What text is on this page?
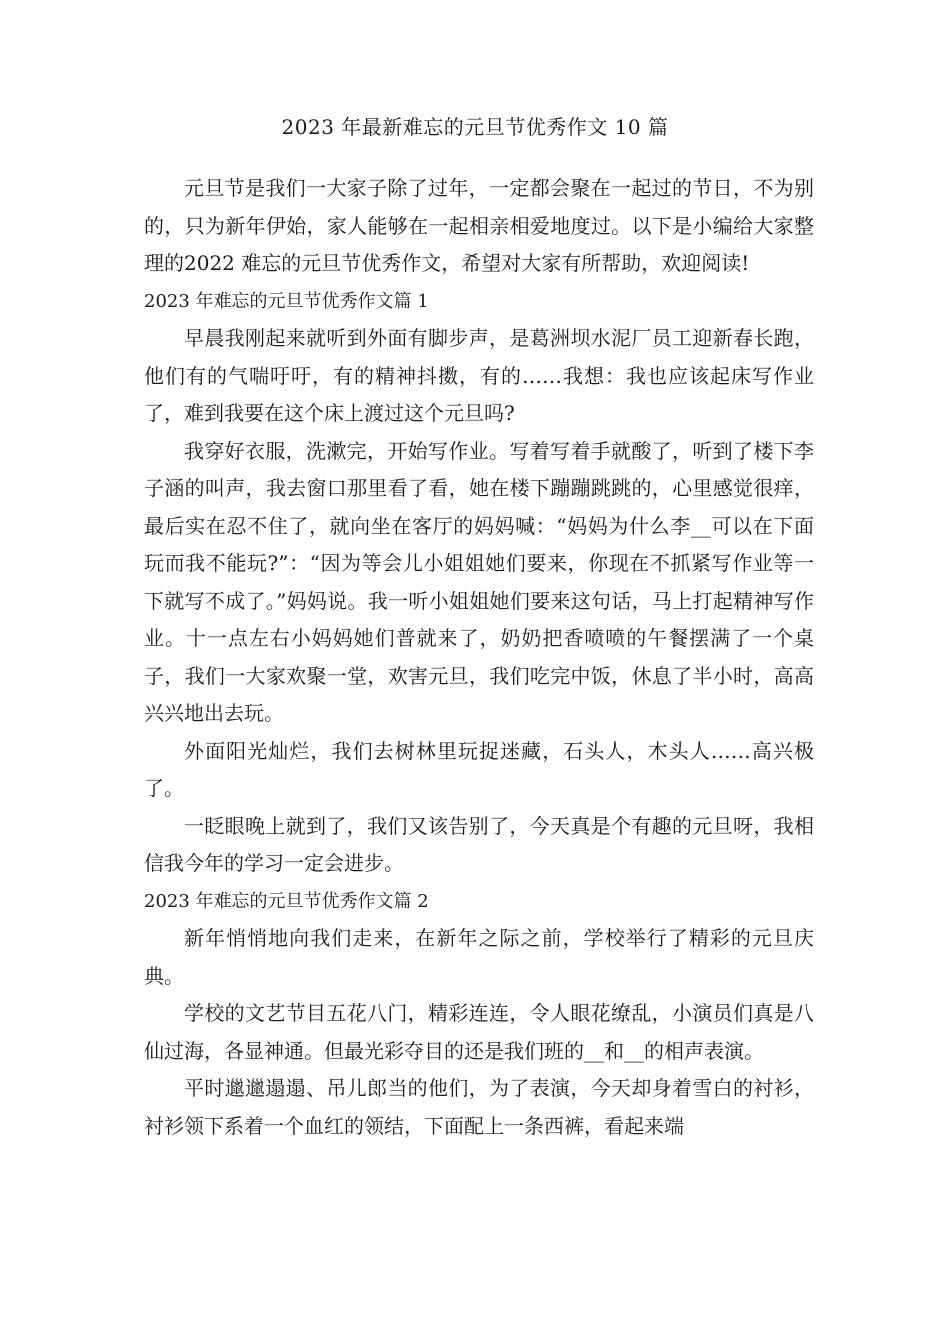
2023 年最新难忘的元旦节优秀作文 10 篇
元旦节是我们一大家子除了过年，一定都会聚在一起过的节日，不为别的，只为新年伊始，家人能够在一起相亲相爱地度过。以下是小编给大家整理的2022 难忘的元旦节优秀作文，希望对大家有所帮助，欢迎阅读!
2023 年难忘的元旦节优秀作文篇 1
早晨我刚起来就听到外面有脚步声，是葛洲坝水泥厂员工迎新春长跑，他们有的气喘吁吁，有的精神抖擞，有的……我想：我也应该起床写作业了，难到我要在这个床上渡过这个元旦吗?
我穿好衣服，洗漱完，开始写作业。写着写着手就酸了，听到了楼下李子涵的叫声，我去窗口那里看了看，她在楼下蹦蹦跳跳的，心里感觉很痒，最后实在忍不住了，就向坐在客厅的妈妈喊：“妈妈为什么李__可以在下面玩而我不能玩?”：“因为等会儿小姐姐她们要来，你现在不抓紧写作业等一下就写不成了。”妈妈说。我一听小姐姐她们要来这句话，马上打起精神写作业。十一点左右小妈妈她们普就来了，奶奶把香喷喷的午餐摆满了一个桌子，我们一大家欢聚一堂，欢害元旦，我们吃完中饭，休息了半小时，高高兴兴地出去玩。
外面阳光灿烂，我们去树林里玩捉迷藏，石头人，木头人……高兴极了。
一眨眼晚上就到了，我们又该告别了，今天真是个有趣的元旦呀，我相信我今年的学习一定会进步。
2023 年难忘的元旦节优秀作文篇 2
新年悄悄地向我们走来，在新年之际之前，学校举行了精彩的元旦庆典。
学校的文艺节目五花八门，精彩连连，令人眼花缭乱，小演员们真是八仙过海，各显神通。但最光彩夺目的还是我们班的__和__的相声表演。
平时邋邋遢遢、吊儿郎当的他们，为了表演，今天却身着雪白的衬衫，衬衫领下系着一个血红的领结，下面配上一条西裤，看起来端
